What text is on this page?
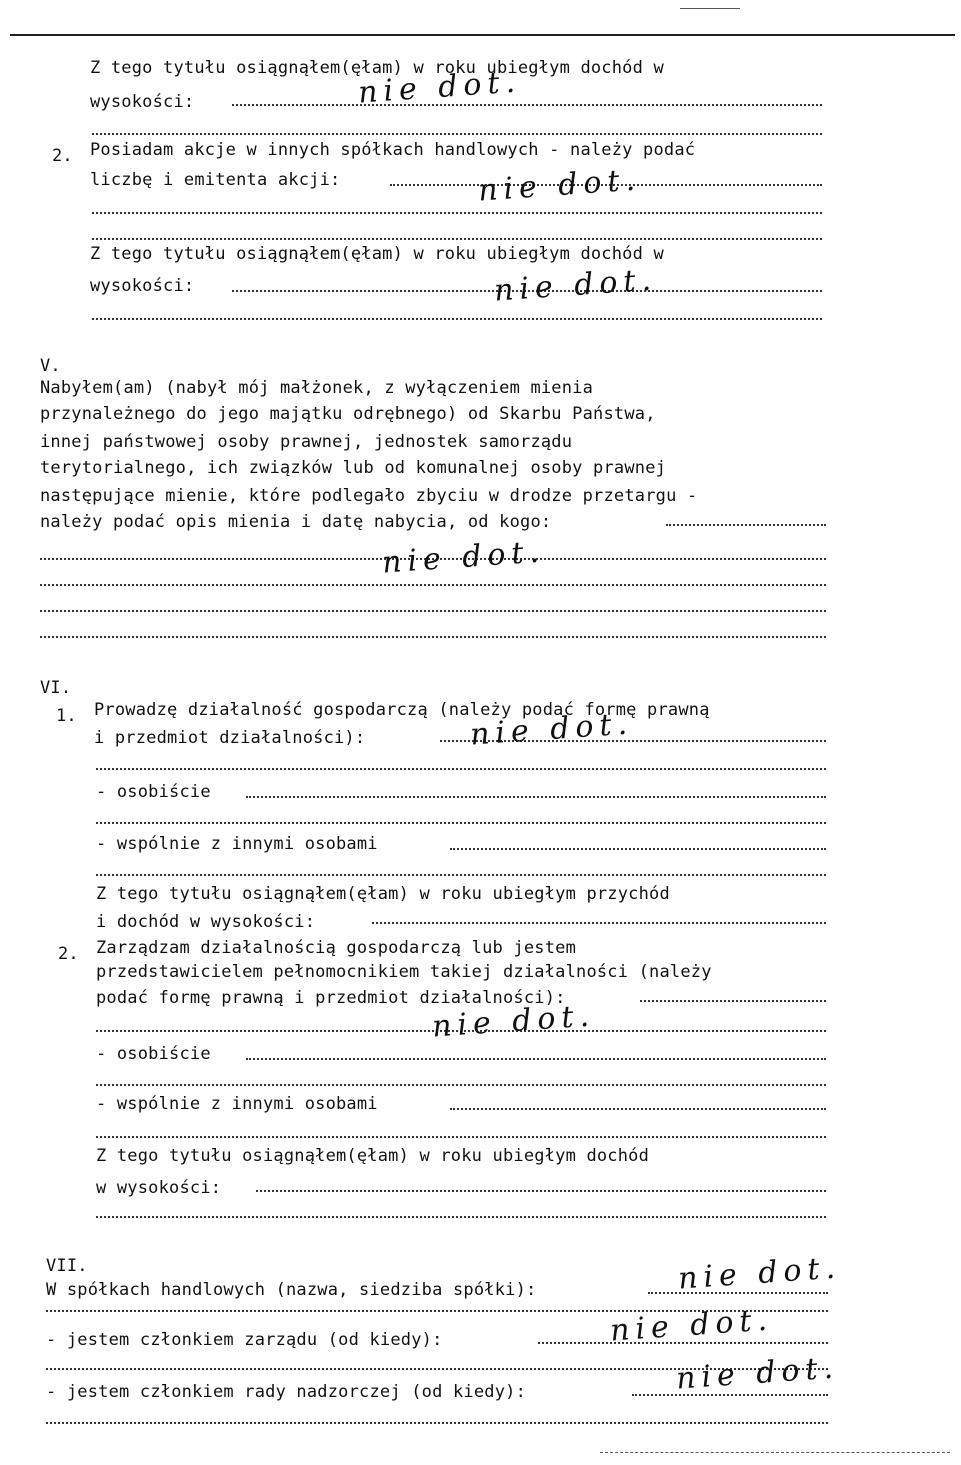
Z tego tytułu osiągnąłem(ęłam) w roku ubiegłym dochód w
wysokości:	nie dot.
2. Posiadam akcje w innych spółkach handlowych - należy podać
liczbę i emitenta akcji:	nie dot.
Z tego tytułu osiągnąłem(ęłam) w roku ubiegłym dochód w
wysokości:	nie dot.
V.
Nabyłem(am) (nabył mój małżonek, z wyłączeniem mienia
przynależnego do jego majątku odrębnego) od Skarbu Państwa,
innej państwowej osoby prawnej, jednostek samorządu
terytorialnego, ich związków lub od komunalnej osoby prawnej
następujące mienie, które podlegało zbyciu w drodze przetargu -
należy podać opis mienia i datę nabycia, od kogo:
nie dot.
VI.
1. Prowadzę działalność gospodarczą (należy podać formę prawną
i przedmiot działalności):	nie dot.
- osobiście
- wspólnie z innymi osobami
Z tego tytułu osiągnąłem(ęłam) w roku ubiegłym przychód
i dochód w wysokości:
2. Zarządzam działalnością gospodarczą lub jestem
przedstawicielem pełnomocnikiem takiej działalności (należy
podać formę prawną i przedmiot działalności):
nie dot.
- osobiście
- wspólnie z innymi osobami
Z tego tytułu osiągnąłem(ęłam) w roku ubiegłym dochód
w wysokości:
VII.
W spółkach handlowych (nazwa, siedziba spółki):	nie dot.
- jestem członkiem zarządu (od kiedy):	nie dot.
- jestem członkiem rady nadzorczej (od kiedy):	nie dot.
